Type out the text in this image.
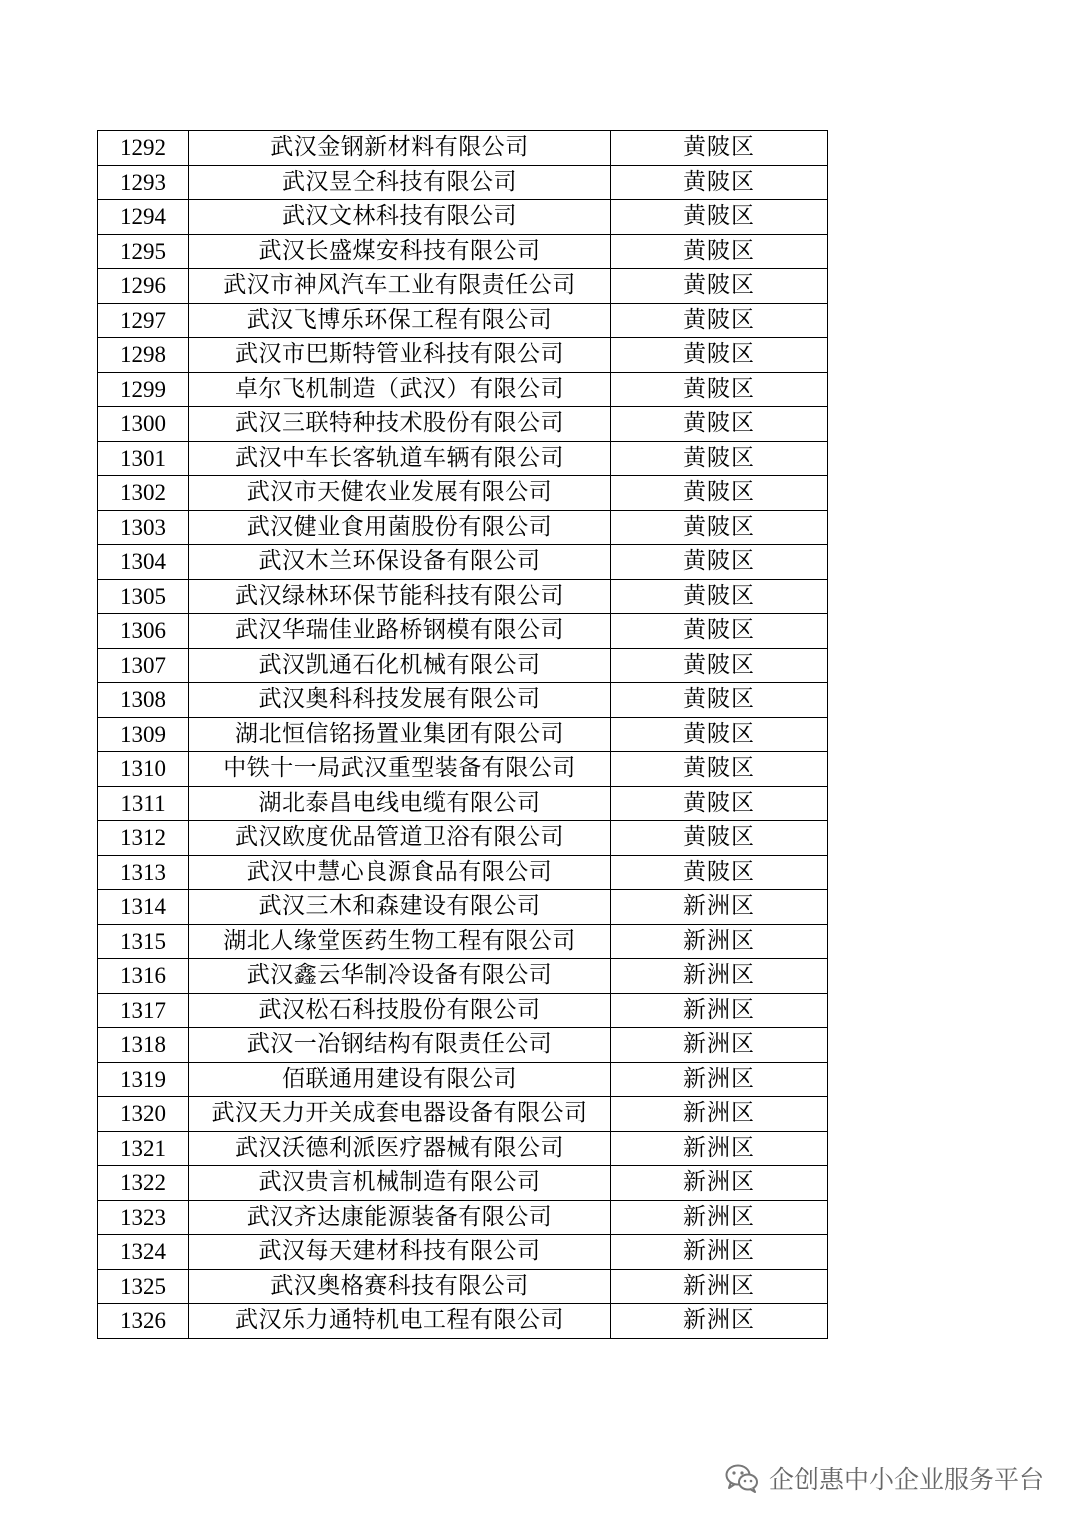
1292	武汉金钢新材料有限公司	黄陂区
1293	武汉昱仝科技有限公司	黄陂区
1294	武汉文林科技有限公司	黄陂区
1295	武汉长盛煤安科技有限公司	黄陂区
1296	武汉市神风汽车工业有限责任公司	黄陂区
1297	武汉飞博乐环保工程有限公司	黄陂区
1298	武汉市巴斯特管业科技有限公司	黄陂区
1299	卓尔飞机制造（武汉）有限公司	黄陂区
1300	武汉三联特种技术股份有限公司	黄陂区
1301	武汉中车长客轨道车辆有限公司	黄陂区
1302	武汉市天健农业发展有限公司	黄陂区
1303	武汉健业食用菌股份有限公司	黄陂区
1304	武汉木兰环保设备有限公司	黄陂区
1305	武汉绿林环保节能科技有限公司	黄陂区
1306	武汉华瑞佳业路桥钢模有限公司	黄陂区
1307	武汉凯通石化机械有限公司	黄陂区
1308	武汉奥科科技发展有限公司	黄陂区
1309	湖北恒信铭扬置业集团有限公司	黄陂区
1310	中铁十一局武汉重型装备有限公司	黄陂区
1311	湖北泰昌电线电缆有限公司	黄陂区
1312	武汉欧度优品管道卫浴有限公司	黄陂区
1313	武汉中慧心良源食品有限公司	黄陂区
1314	武汉三木和森建设有限公司	新洲区
1315	湖北人缘堂医药生物工程有限公司	新洲区
1316	武汉鑫云华制冷设备有限公司	新洲区
1317	武汉松石科技股份有限公司	新洲区
1318	武汉一冶钢结构有限责任公司	新洲区
1319	佰联通用建设有限公司	新洲区
1320	武汉天力开关成套电器设备有限公司	新洲区
1321	武汉沃德利派医疗器械有限公司	新洲区
1322	武汉贵言机械制造有限公司	新洲区
1323	武汉齐达康能源装备有限公司	新洲区
1324	武汉每天建材科技有限公司	新洲区
1325	武汉奥格赛科技有限公司	新洲区
1326	武汉乐力通特机电工程有限公司	新洲区
企创惠中小企业服务平台
